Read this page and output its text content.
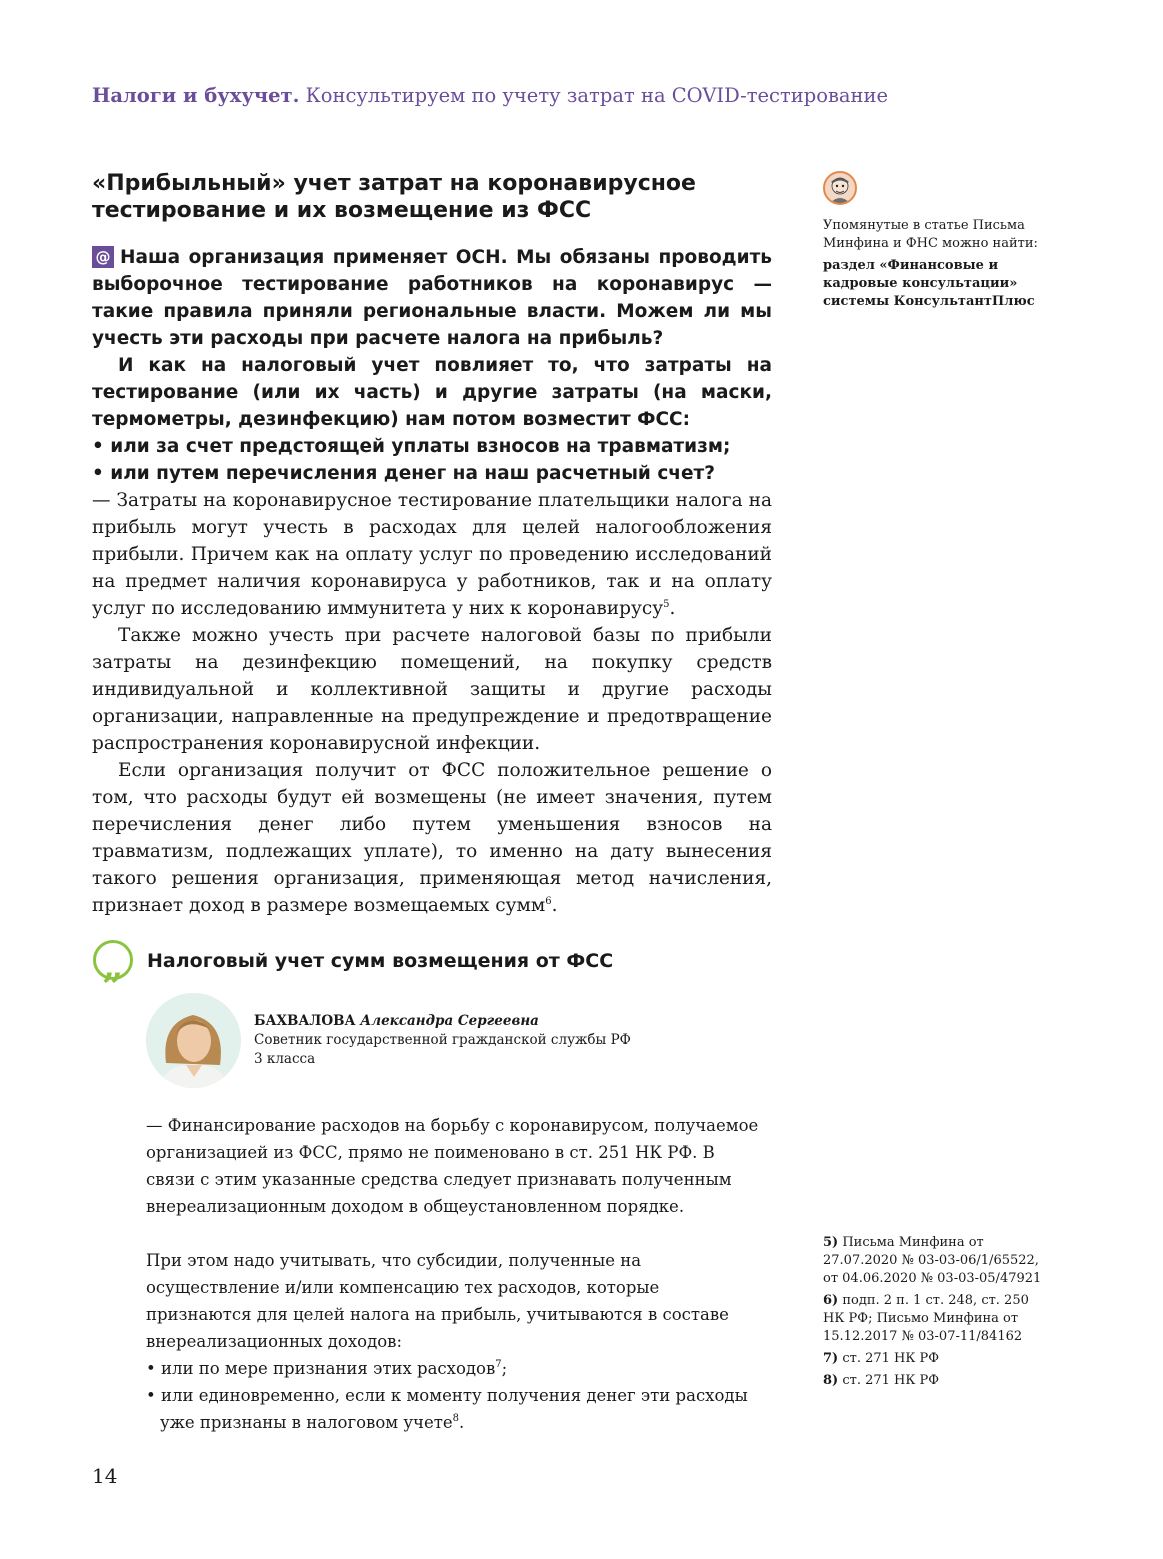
Налоги и бухучет. Консультируем по учету затрат на COVID-тестирование
«Прибыльный» учет затрат на коронавирусное
тестирование и их возмещение из ФСС

@ Наша организация применяет ОСН. Мы обязаны проводить выборочное тестирование работников на коронавирус — такие правила приняли региональные власти. Можем ли мы учесть эти расходы при расчете налога на прибыль?

И как на налоговый учет повлияет то, что затраты на тестирование (или их часть) и другие затраты (на маски, термометры, дезинфекцию) нам потом возместит ФСС:

• или за счет предстоящей уплаты взносов на травматизм;

• или путем перечисления денег на наш расчетный счет?

— Затраты на коронавирусное тестирование плательщики налога на прибыль могут учесть в расходах для целей налогообложения прибыли. Причем как на оплату услуг по проведению исследований на предмет наличия коронавируса у работников, так и на оплату услуг по исследованию иммунитета у них к коронавирусу$^5$.

Также можно учесть при расчете налоговой базы по прибыли затраты на дезинфекцию помещений, на покупку средств индивидуальной и коллективной защиты и другие расходы организации, направленные на предупреждение и предотвращение распространения коронавирусной инфекции.

Если организация получит от ФСС положительное решение о том, что расходы будут ей возмещены (не имеет значения, путем перечисления денег либо путем уменьшения взносов на травматизм, подлежащих уплате), то именно на дату вынесения такого решения организация, применяющая метод начисления, признает доход в размере возмещаемых сумм$^6$.

Упомянутые в статье Письма Минфина и ФНС можно найти:
раздел «Финансовые и кадровые консультации» системы КонсультантПлюс
„	Налоговый учет сумм возмещения от ФСС
БАХВАЛОВА Александра Сергеевна
Советник государственной гражданской службы РФ
3 класса

— Финансирование расходов на борьбу с коронавирусом, получаемое организацией из ФСС, прямо не поименовано в ст. 251 НК РФ. В связи с этим указанные средства следует признавать полученным внереализационным доходом в общеустановленном порядке.

При этом надо учитывать, что субсидии, полученные на осуществление и/или компенсацию тех расходов, которые признаются для целей налога на прибыль, учитываются в составе внереализационных доходов:

• или по мере признания этих расходов$^7$;

• или единовременно, если к моменту получения денег эти расходы уже признаны в налоговом учете$^8$.

5) Письма Минфина от 27.07.2020 № 03-03-06/1/65522, от 04.06.2020 № 03-03-05/47921
6) подп. 2 п. 1 ст. 248, ст. 250 НК РФ; Письмо Минфина от 15.12.2017 № 03-07-11/84162
7) ст. 271 НК РФ
8) ст. 271 НК РФ
14
